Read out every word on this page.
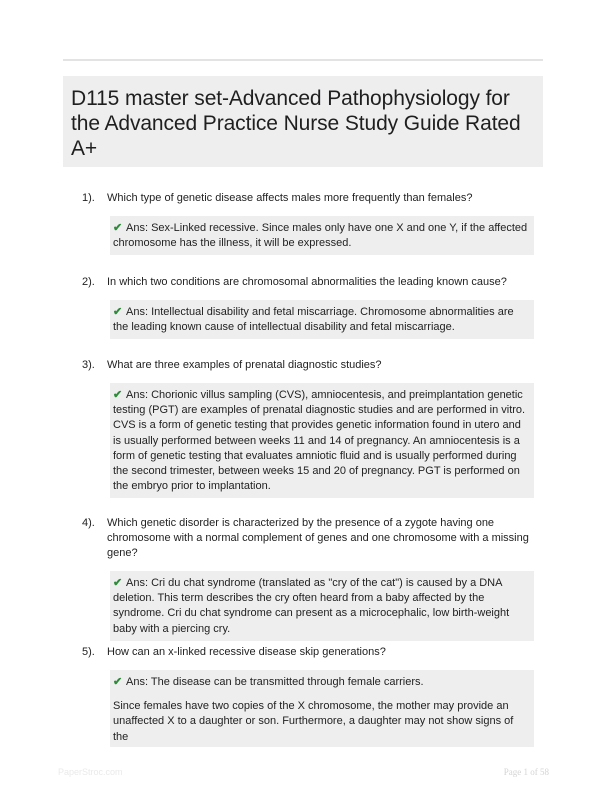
D115 master set-Advanced Pathophysiology for the Advanced Practice Nurse Study Guide Rated A+
1). Which type of genetic disease affects males more frequently than females?

✔ Ans: Sex-Linked recessive. Since males only have one X and one Y, if the affected chromosome has the illness, it will be expressed.

2). In which two conditions are chromosomal abnormalities the leading known cause?

✔ Ans: Intellectual disability and fetal miscarriage. Chromosome abnormalities are the leading known cause of intellectual disability and fetal miscarriage.

3). What are three examples of prenatal diagnostic studies?

✔ Ans: Chorionic villus sampling (CVS), amniocentesis, and preimplantation genetic testing (PGT) are examples of prenatal diagnostic studies and are performed in vitro. CVS is a form of genetic testing that provides genetic information found in utero and is usually performed between weeks 11 and 14 of pregnancy. An amniocentesis is a form of genetic testing that evaluates amniotic fluid and is usually performed during the second trimester, between weeks 15 and 20 of pregnancy. PGT is performed on the embryo prior to implantation.

4). Which genetic disorder is characterized by the presence of a zygote having one chromosome with a normal complement of genes and one chromosome with a missing gene?

✔ Ans: Cri du chat syndrome (translated as "cry of the cat") is caused by a DNA deletion. This term describes the cry often heard from a baby affected by the syndrome. Cri du chat syndrome can present as a microcephalic, low birth-weight baby with a piercing cry.

5). How can an x-linked recessive disease skip generations?

✔ Ans: The disease can be transmitted through female carriers.

Since females have two copies of the X chromosome, the mother may provide an unaffected X to a daughter or son. Furthermore, a daughter may not show signs of the

PaperStroc.com	Page 1 of 58
